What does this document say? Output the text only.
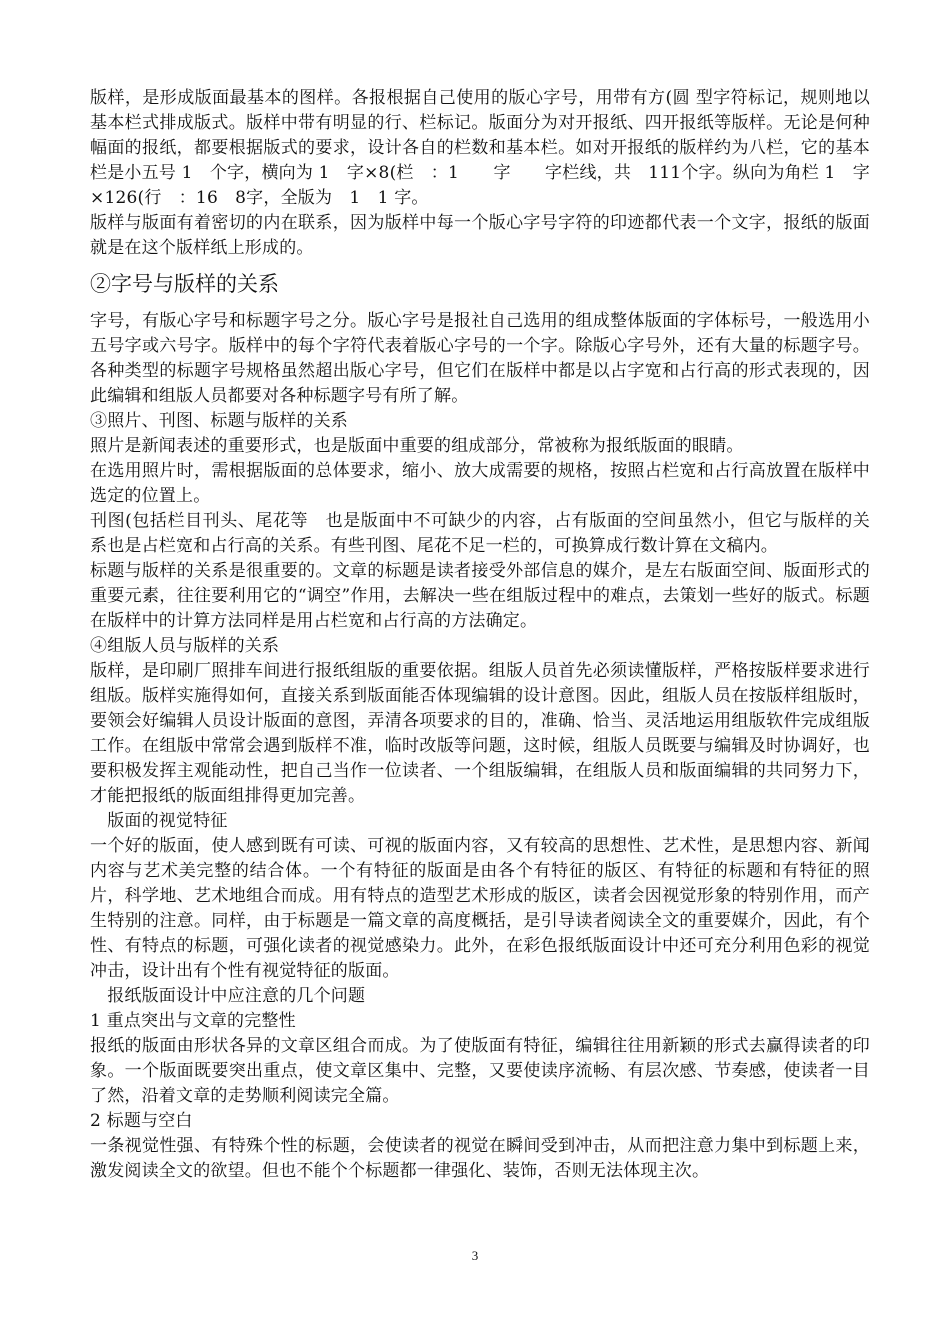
版样，是形成版面最基本的图样。各报根据自己使用的版心字号，用带有方(圆 型字符标记，规则地以基本栏式排成版式。版样中带有明显的行、栏标记。版面分为对开报纸、四开报纸等版样。无论是何种幅面的报纸，都要根据版式的要求，设计各自的栏数和基本栏。如对开报纸的版样约为八栏，它的基本栏是小五号 1　个字，横向为 1　字×8(栏　：1　　字　　字栏线，共　111个字。纵向为角栏 1　字×126(行　：16　8字，全版为　1　1 字。

版样与版面有着密切的内在联系，因为版样中每一个版心字号字符的印迹都代表一个文字，报纸的版面就是在这个版样纸上形成的。

②字号与版样的关系

字号，有版心字号和标题字号之分。版心字号是报社自己选用的组成整体版面的字体标号，一般选用小五号字或六号字。版样中的每个字符代表着版心字号的一个字。除版心字号外，还有大量的标题字号。各种类型的标题字号规格虽然超出版心字号，但它们在版样中都是以占字宽和占行高的形式表现的，因此编辑和组版人员都要对各种标题字号有所了解。

③照片、刊图、标题与版样的关系

照片是新闻表述的重要形式，也是版面中重要的组成部分，常被称为报纸版面的眼睛。

在选用照片时，需根据版面的总体要求，缩小、放大成需要的规格，按照占栏宽和占行高放置在版样中选定的位置上。

刊图(包括栏目刊头、尾花等　也是版面中不可缺少的内容，占有版面的空间虽然小，但它与版样的关系也是占栏宽和占行高的关系。有些刊图、尾花不足一栏的，可换算成行数计算在文稿内。

标题与版样的关系是很重要的。文章的标题是读者接受外部信息的媒介，是左右版面空间、版面形式的重要元素，往往要利用它的“调空”作用，去解决一些在组版过程中的难点，去策划一些好的版式。标题在版样中的计算方法同样是用占栏宽和占行高的方法确定。

④组版人员与版样的关系

版样，是印刷厂照排车间进行报纸组版的重要依据。组版人员首先必须读懂版样，严格按版样要求进行组版。版样实施得如何，直接关系到版面能否体现编辑的设计意图。因此，组版人员在按版样组版时，要领会好编辑人员设计版面的意图，弄清各项要求的目的，准确、恰当、灵活地运用组版软件完成组版工作。在组版中常常会遇到版样不准，临时改版等问题，这时候，组版人员既要与编辑及时协调好，也要积极发挥主观能动性，把自己当作一位读者、一个组版编辑，在组版人员和版面编辑的共同努力下，才能把报纸的版面组排得更加完善。

　版面的视觉特征

一个好的版面，使人感到既有可读、可视的版面内容，又有较高的思想性、艺术性，是思想内容、新闻内容与艺术美完整的结合体。一个有特征的版面是由各个有特征的版区、有特征的标题和有特征的照片，科学地、艺术地组合而成。用有特点的造型艺术形成的版区，读者会因视觉形象的特别作用，而产生特别的注意。同样，由于标题是一篇文章的高度概括，是引导读者阅读全文的重要媒介，因此，有个性、有特点的标题，可强化读者的视觉感染力。此外，在彩色报纸版面设计中还可充分利用色彩的视觉冲击，设计出有个性有视觉特征的版面。

　报纸版面设计中应注意的几个问题

1 重点突出与文章的完整性

报纸的版面由形状各异的文章区组合而成。为了使版面有特征，编辑往往用新颖的形式去赢得读者的印象。一个版面既要突出重点，使文章区集中、完整，又要使读序流畅、有层次感、节奏感，使读者一目了然，沿着文章的走势顺利阅读完全篇。

2 标题与空白

一条视觉性强、有特殊个性的标题，会使读者的视觉在瞬间受到冲击，从而把注意力集中到标题上来，激发阅读全文的欲望。但也不能个个标题都一律强化、装饰，否则无法体现主次。

3
